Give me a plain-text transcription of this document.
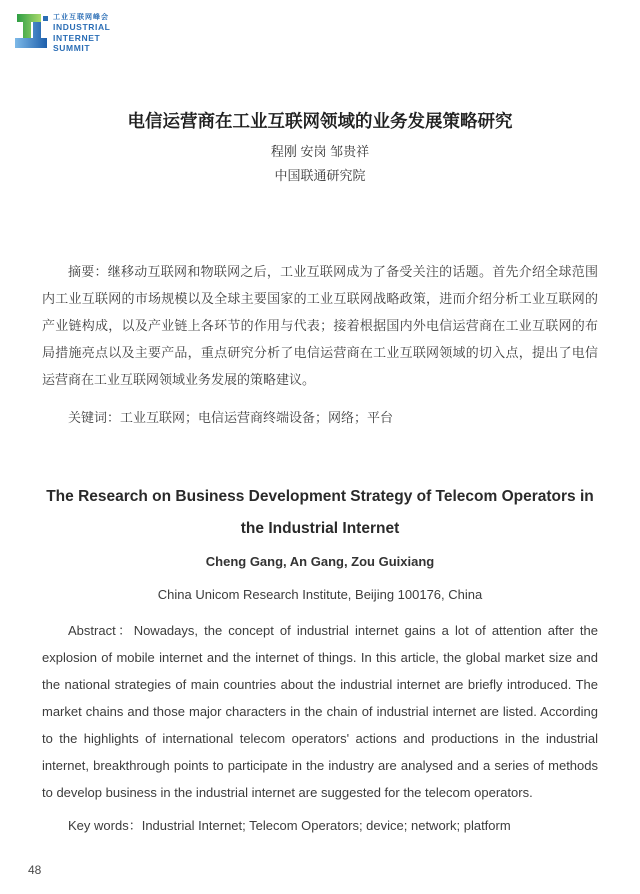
工业互联网峰会
INDUSTRIAL
INTERNET
SUMMIT
电信运营商在工业互联网领域的业务发展策略研究
程刚 安岗 邹贵祥
中国联通研究院

摘要：继移动互联网和物联网之后，工业互联网成为了备受关注的话题。首先介绍全球范围内工业互联网的市场规模以及全球主要国家的工业互联网战略政策，进而介绍分析工业互联网的产业链构成，以及产业链上各环节的作用与代表；接着根据国内外电信运营商在工业互联网的布局措施亮点以及主要产品，重点研究分析了电信运营商在工业互联网领域的切入点，提出了电信运营商在工业互联网领域业务发展的策略建议。

关键词：工业互联网；电信运营商终端设备；网络；平台

The Research on Business Development Strategy of Telecom Operators in the Industrial Internet
Cheng Gang, An Gang, Zou Guixiang
China Unicom Research Institute, Beijing 100176, China

Abstract：Nowadays, the concept of industrial internet gains a lot of attention after the explosion of mobile internet and the internet of things. In this article, the global market size and the national strategies of main countries about the industrial internet are briefly introduced. The market chains and those major characters in the chain of industrial internet are listed. According to the highlights of international telecom operators' actions and productions in the industrial internet, breakthrough points to participate in the industry are analysed and a series of methods to develop business in the industrial internet are suggested for the telecom operators.

Key words：Industrial Internet; Telecom Operators; device; network; platform

48
